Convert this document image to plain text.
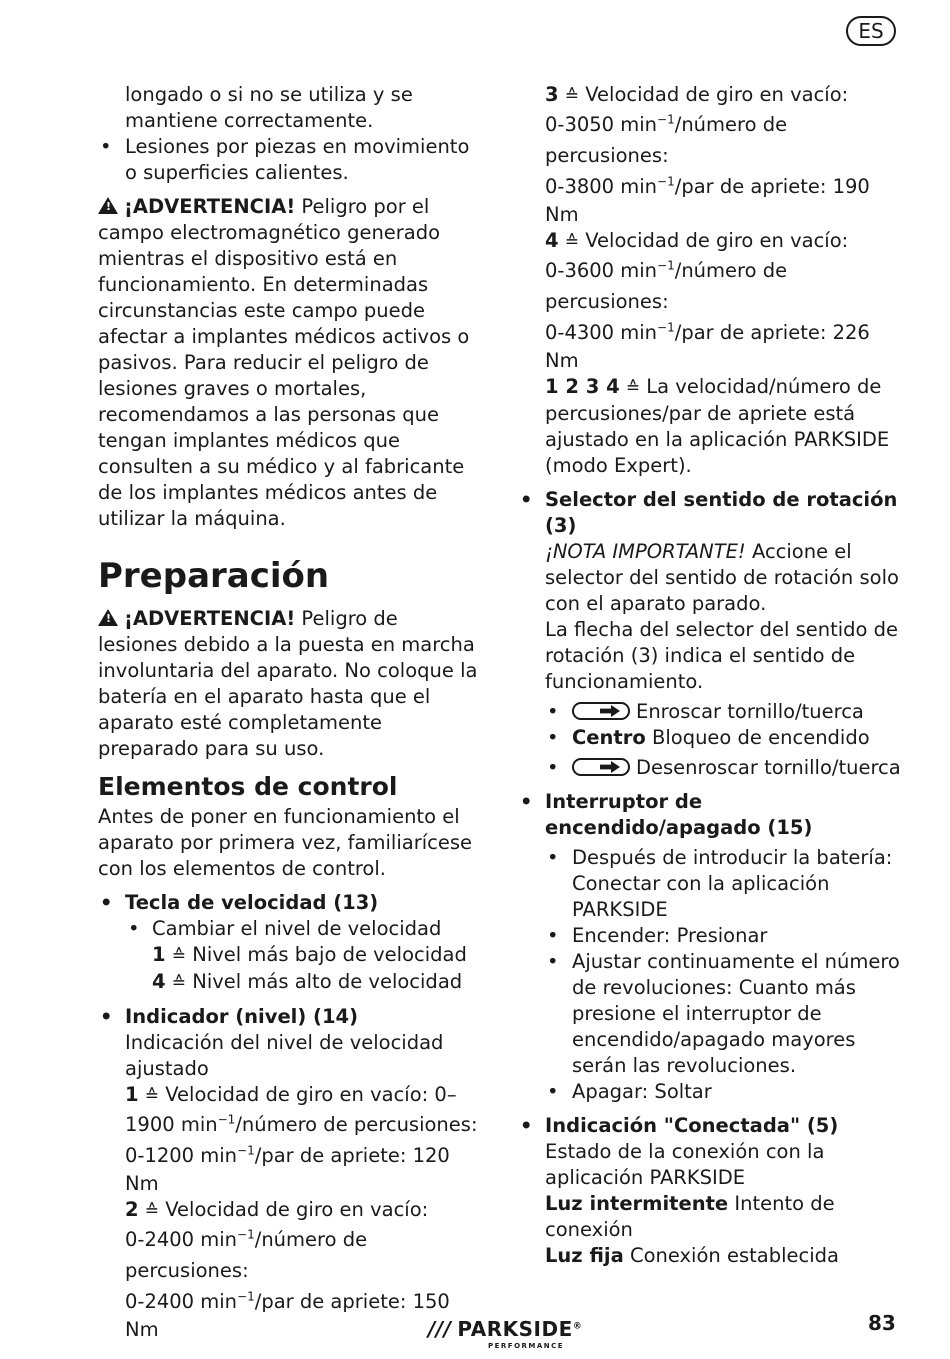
ES

longado o si no se utiliza y se mantiene correctamente.

• Lesiones por piezas en movimiento o superficies calientes.

! ¡ADVERTENCIA! Peligro por el campo electromagnético generado mientras el dispositivo está en funcionamiento. En determinadas circunstancias este campo puede afectar a implantes médicos activos o pasivos. Para reducir el peligro de lesiones graves o mortales, recomendamos a las personas que tengan implantes médicos que consulten a su médico y al fabricante de los implantes médicos antes de utilizar la máquina.

Preparación

! ¡ADVERTENCIA! Peligro de lesiones debido a la puesta en marcha involuntaria del aparato. No coloque la batería en el aparato hasta que el aparato esté completamente preparado para su uso.

Elementos de control

Antes de poner en funcionamiento el aparato por primera vez, familiarícese con los elementos de control.

• Tecla de velocidad (13)

• Cambiar el nivel de velocidad

1 ≙ Nivel más bajo de velocidad

4 ≙ Nivel más alto de velocidad

• Indicador (nivel) (14)

Indicación del nivel de velocidad ajustado

1 ≙ Velocidad de giro en vacío: 0–

1900 $\min^{-1}$/número de percusiones:

0-1200 $\min^{-1}$/par de apriete: 120

Nm

2 ≙ Velocidad de giro en vacío:

0-2400 $\min^{-1}$/número de percusiones:

0-2400 $\min^{-1}$/par de apriete: 150

Nm

3 ≙ Velocidad de giro en vacío:

0-3050 $\min^{-1}$/número de percusiones:

0-3800 $\min^{-1}$/par de apriete: 190

Nm

4 ≙ Velocidad de giro en vacío:

0-3600 $\min^{-1}$/número de percusiones:

0-4300 $\min^{-1}$/par de apriete: 226

Nm

1 2 3 4 ≙ La velocidad/número de percusiones/par de apriete está ajustado en la aplicación PARKSIDE (modo Expert).

• Selector del sentido de rotación (3)

¡NOTA IMPORTANTE! Accione el selector del sentido de rotación solo con el aparato parado.

La flecha del selector del sentido de rotación (3) indica el sentido de funcionamiento.

• Enroscar tornillo/tuerca

• Centro Bloqueo de encendido

• Desenroscar tornillo/tuerca

• Interruptor de encendido/apagado (15)

• Después de introducir la batería: Conectar con la aplicación PARKSIDE

• Encender: Presionar

• Ajustar continuamente el número de revoluciones: Cuanto más presione el interruptor de encendido/apagado mayores serán las revoluciones.

• Apagar: Soltar

• Indicación "Conectada" (5)

Estado de la conexión con la aplicación PARKSIDE

Luz intermitente Intento de conexión

Luz fija Conexión establecida

/// PARKSIDE®
PERFORMANCE
83
